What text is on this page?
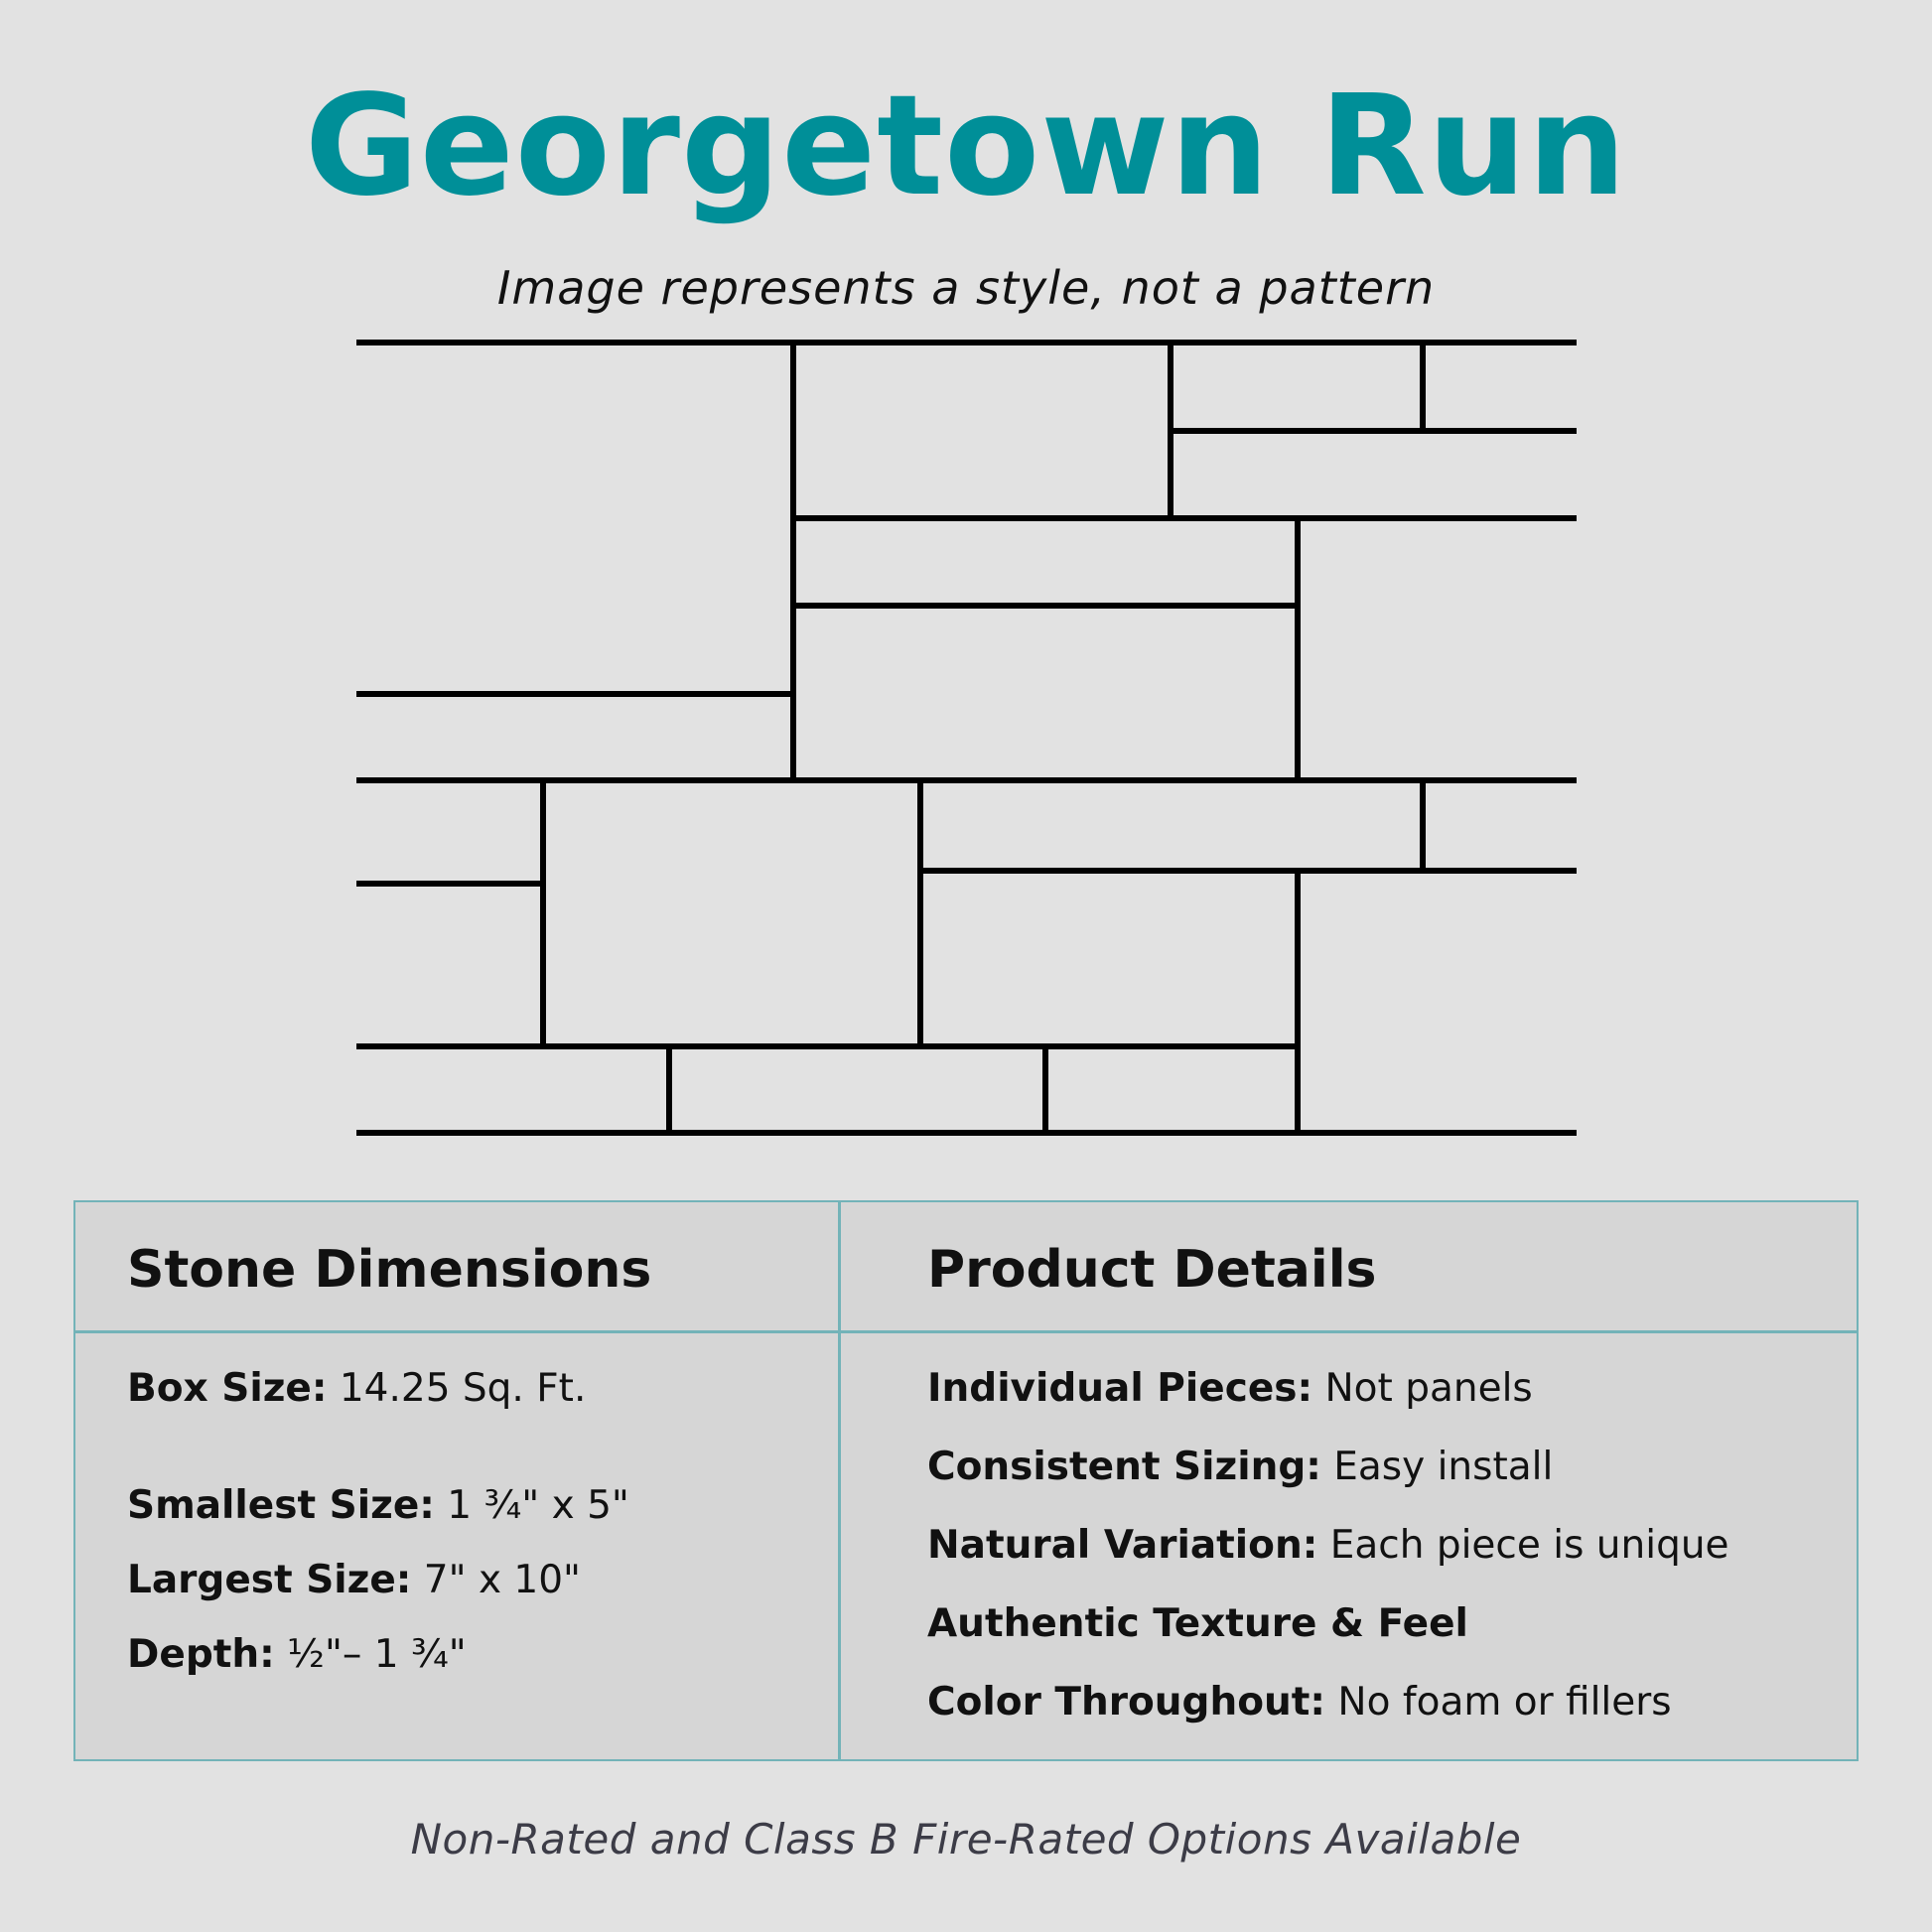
Georgetown Run
Image represents a style, not a pattern
Stone Dimensions	Product Details
Box Size: 14.25 Sq. Ft.
Smallest Size: 1 ¾" x 5"
Largest Size: 7" x 10"
Depth: ½"– 1 ¾"
Individual Pieces: Not panels
Consistent Sizing: Easy install
Natural Variation: Each piece is unique
Authentic Texture & Feel
Color Throughout: No foam or fillers
Non-Rated and Class B Fire-Rated Options Available
